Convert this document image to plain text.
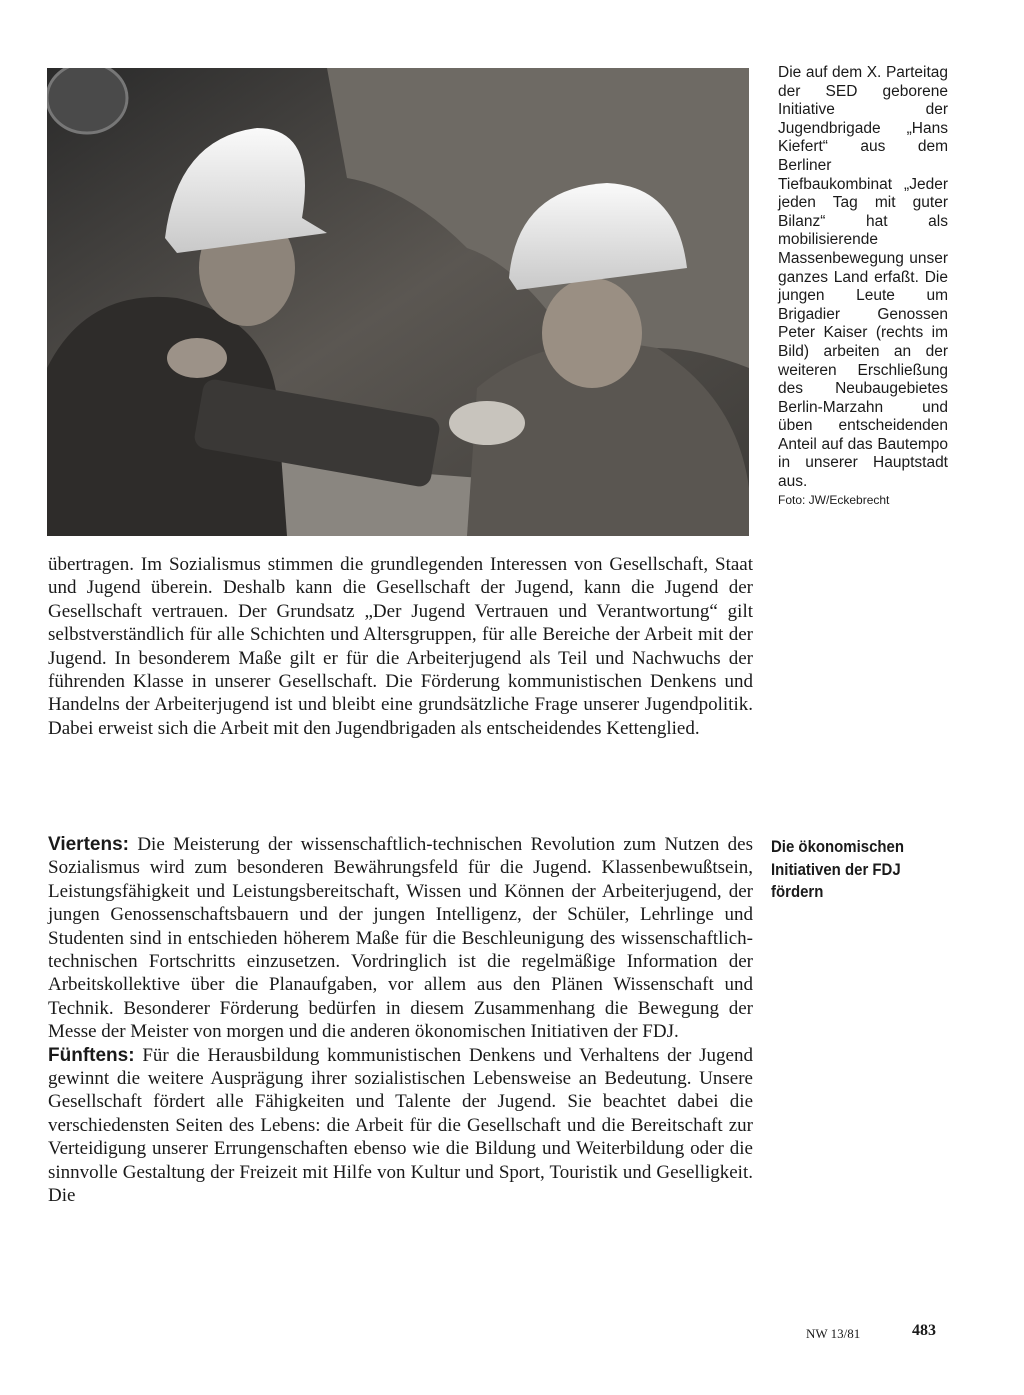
Die auf dem X. Parteitag der SED geborene Initiative der Jugendbrigade „Hans Kiefert“ aus dem Berliner Tiefbaukombinat „Jeder jeden Tag mit guter Bilanz“ hat als mobilisierende Massenbewegung unser ganzes Land erfaßt. Die jungen Leute um Brigadier Genossen Peter Kaiser (rechts im Bild) arbeiten an der weiteren Erschließung des Neubaugebietes Berlin-Marzahn und üben entscheidenden Anteil auf das Bautempo in unserer Hauptstadt aus.

Foto: JW/Eckebrecht

übertragen. Im Sozialismus stimmen die grundlegenden Interessen von Gesellschaft, Staat und Jugend überein. Deshalb kann die Gesellschaft der Jugend, kann die Jugend der Gesellschaft vertrauen. Der Grundsatz „Der Jugend Vertrauen und Verantwortung“ gilt selbstverständlich für alle Schichten und Altersgruppen, für alle Bereiche der Arbeit mit der Jugend. In besonderem Maße gilt er für die Arbeiterjugend als Teil und Nachwuchs der führenden Klasse in unserer Gesellschaft. Die Förderung kommunistischen Denkens und Handelns der Arbeiterjugend ist und bleibt eine grundsätzliche Frage unserer Jugendpolitik. Dabei erweist sich die Arbeit mit den Jugendbrigaden als entscheidendes Kettenglied.

Viertens: Die Meisterung der wissenschaftlich-technischen Revolution zum Nutzen des Sozialismus wird zum besonderen Bewährungsfeld für die Jugend. Klassenbewußtsein, Leistungsfähigkeit und Leistungsbereitschaft, Wissen und Können der Arbeiterjugend, der jungen Genossenschaftsbauern und der jungen Intelligenz, der Schüler, Lehrlinge und Studenten sind in entschieden höherem Maße für die Beschleunigung des wissenschaftlich-technischen Fortschritts einzusetzen. Vordringlich ist die regelmäßige Information der Arbeitskollektive über die Planaufgaben, vor allem aus den Plänen Wissenschaft und Technik. Besonderer Förderung bedürfen in diesem Zusammenhang die Bewegung der Messe der Meister von morgen und die anderen ökonomischen Initiativen der FDJ.

Fünftens: Für die Herausbildung kommunistischen Denkens und Verhaltens der Jugend gewinnt die weitere Ausprägung ihrer sozialistischen Lebensweise an Bedeutung. Unsere Gesellschaft fördert alle Fähigkeiten und Talente der Jugend. Sie beachtet dabei die verschiedensten Seiten des Lebens: die Arbeit für die Gesellschaft und die Bereitschaft zur Verteidigung unserer Errungenschaften ebenso wie die Bildung und Weiterbildung oder die sinnvolle Gestaltung der Freizeit mit Hilfe von Kultur und Sport, Touristik und Geselligkeit. Die

Die ökonomischen Initiativen der FDJ fördern
NW 13/81	483
